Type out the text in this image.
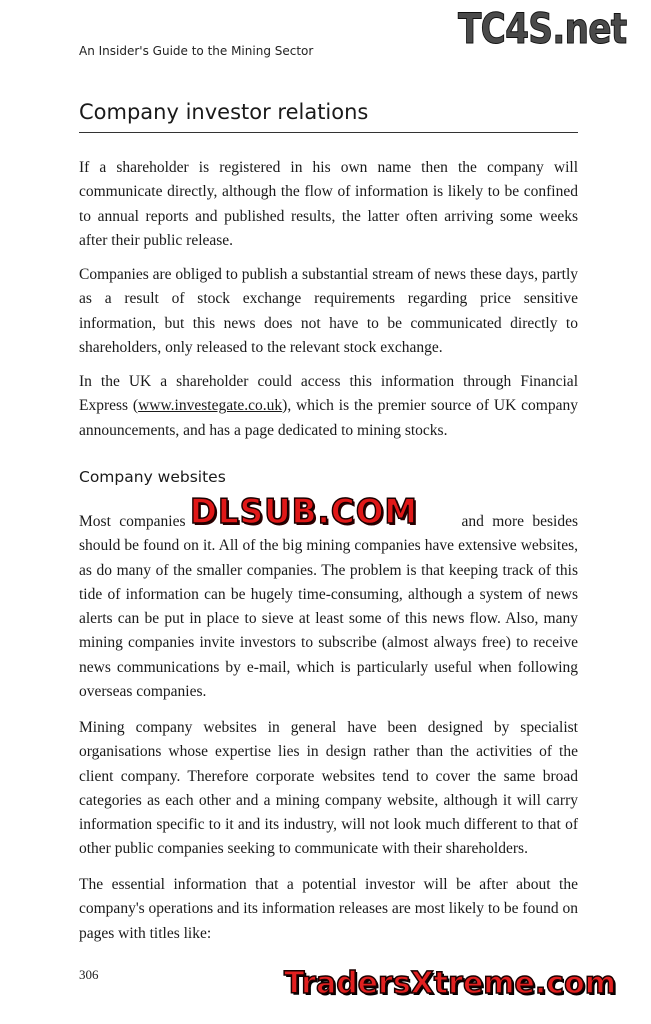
An Insider's Guide to the Mining Sector	TC4S.net
Company investor relations

If a shareholder is registered in his own name then the company will communicate directly, although the flow of information is likely to be confined to annual reports and published results, the latter often arriving some weeks after their public release.

Companies are obliged to publish a substantial stream of news these days, partly as a result of stock exchange requirements regarding price sensitive information, but this news does not have to be communicated directly to shareholders, only released to the relevant stock exchange.

In the UK a shareholder could access this information through Financial Express (www.investegate.co.uk), which is the premier source of UK company announcements, and has a page dedicated to mining stocks.

Company websites

Most companies	and more besides should be found on it. All of the big mining companies have extensive websites, as do many of the smaller companies. The problem is that keeping track of this tide of information can be hugely time-consuming, although a system of news alerts can be put in place to sieve at least some of this news flow. Also, many mining companies invite investors to subscribe (almost always free) to receive news communications by e-mail, which is particularly useful when following overseas companies.

Mining company websites in general have been designed by specialist organisations whose expertise lies in design rather than the activities of the client company. Therefore corporate websites tend to cover the same broad categories as each other and a mining company website, although it will carry information specific to it and its industry, will not look much different to that of other public companies seeking to communicate with their shareholders.

The essential information that a potential investor will be after about the company's operations and its information releases are most likely to be found on pages with titles like:

DLSUB.COM
306	TradersXtreme.com
